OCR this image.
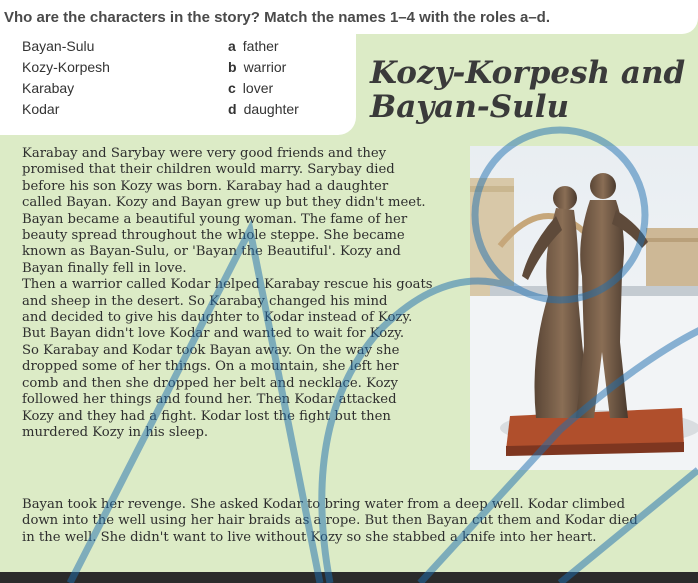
Vho are the characters in the story? Match the names 1–4 with the roles a–d.

Bayan-Sulu
Kozy-Korpesh
Karabay
Kodar
a father
b warrior
c lover
d daughter
Kozy-Korpesh and
Bayan-Sulu
Karabay and Sarybay were very good friends and they
promised that their children would marry. Sarybay died
before his son Kozy was born. Karabay had a daughter
called Bayan. Kozy and Bayan grew up but they didn't meet.
Bayan became a beautiful young woman. The fame of her
beauty spread throughout the whole steppe. She became
known as Bayan-Sulu, or 'Bayan the Beautiful'. Kozy and
Bayan finally fell in love.
Then a warrior called Kodar helped Karabay rescue his goats
and sheep in the desert. So Karabay changed his mind
and decided to give his daughter to Kodar instead of Kozy.
But Bayan didn't love Kodar and wanted to wait for Kozy.
So Karabay and Kodar took Bayan away. On the way she
dropped some of her things. On a mountain, she left her
comb and then she dropped her belt and necklace. Kozy
followed her things and found her. Then Kodar attacked
Kozy and they had a fight. Kodar lost the fight but then
murdered Kozy in his sleep.
Bayan took her revenge. She asked Kodar to bring water from a deep well. Kodar climbed
down into the well using her hair braids as a rope. But then Bayan cut them and Kodar died
in the well. She didn't want to live without Kozy so she stabbed a knife into her heart.
